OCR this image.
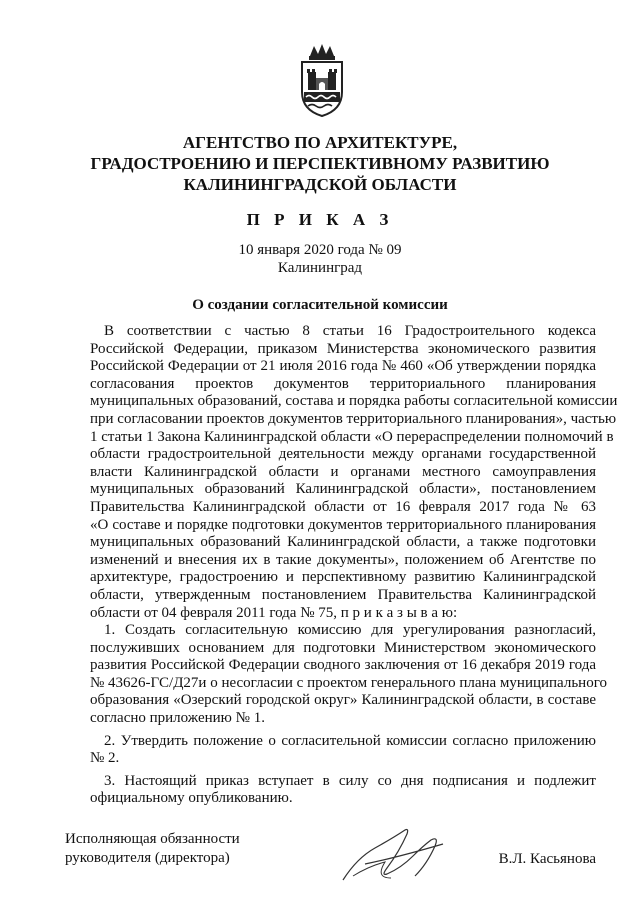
АГЕНТСТВО ПО АРХИТЕКТУРЕ,
ГРАДОСТРОЕНИЮ И ПЕРСПЕКТИВНОМУ РАЗВИТИЮ
КАЛИНИНГРАДСКОЙ ОБЛАСТИ
П Р И К А З
10 января 2020 года № 09
Калининград
О создании согласительной комиссии
В соответствии с частью 8 статьи 16 Градостроительного кодекса
Российской Федерации, приказом Министерства экономического развития
Российской Федерации от 21 июля 2016 года № 460 «Об утверждении порядка
согласования проектов документов территориального планирования
муниципальных образований, состава и порядка работы согласительной комиссии
при согласовании проектов документов территориального планирования», частью
1 статьи 1 Закона Калининградской области «О перераспределении полномочий в
области градостроительной деятельности между органами государственной
власти Калининградской области и органами местного самоуправления
муниципальных образований Калининградской области», постановлением
Правительства Калининградской области от 16 февраля 2017 года № 63
«О составе и порядке подготовки документов территориального планирования
муниципальных образований Калининградской области, а также подготовки
изменений и внесения их в такие документы», положением об Агентстве по
архитектуре, градостроению и перспективному развитию Калининградской
области, утвержденным постановлением Правительства Калининградской
области от 04 февраля 2011 года № 75, п р и к а з ы в а ю:
1. Создать согласительную комиссию для урегулирования разногласий,
послуживших основанием для подготовки Министерством экономического
развития Российской Федерации сводного заключения от 16 декабря 2019 года
№ 43626-ГС/Д27и о несогласии с проектом генерального плана муниципального
образования «Озерский городской округ» Калининградской области, в составе
согласно приложению № 1.
2. Утвердить положение о согласительной комиссии согласно приложению
№ 2.
3. Настоящий приказ вступает в силу со дня подписания и подлежит
официальному опубликованию.
Исполняющая обязанности
руководителя (директора)	В.Л. Касьянова
